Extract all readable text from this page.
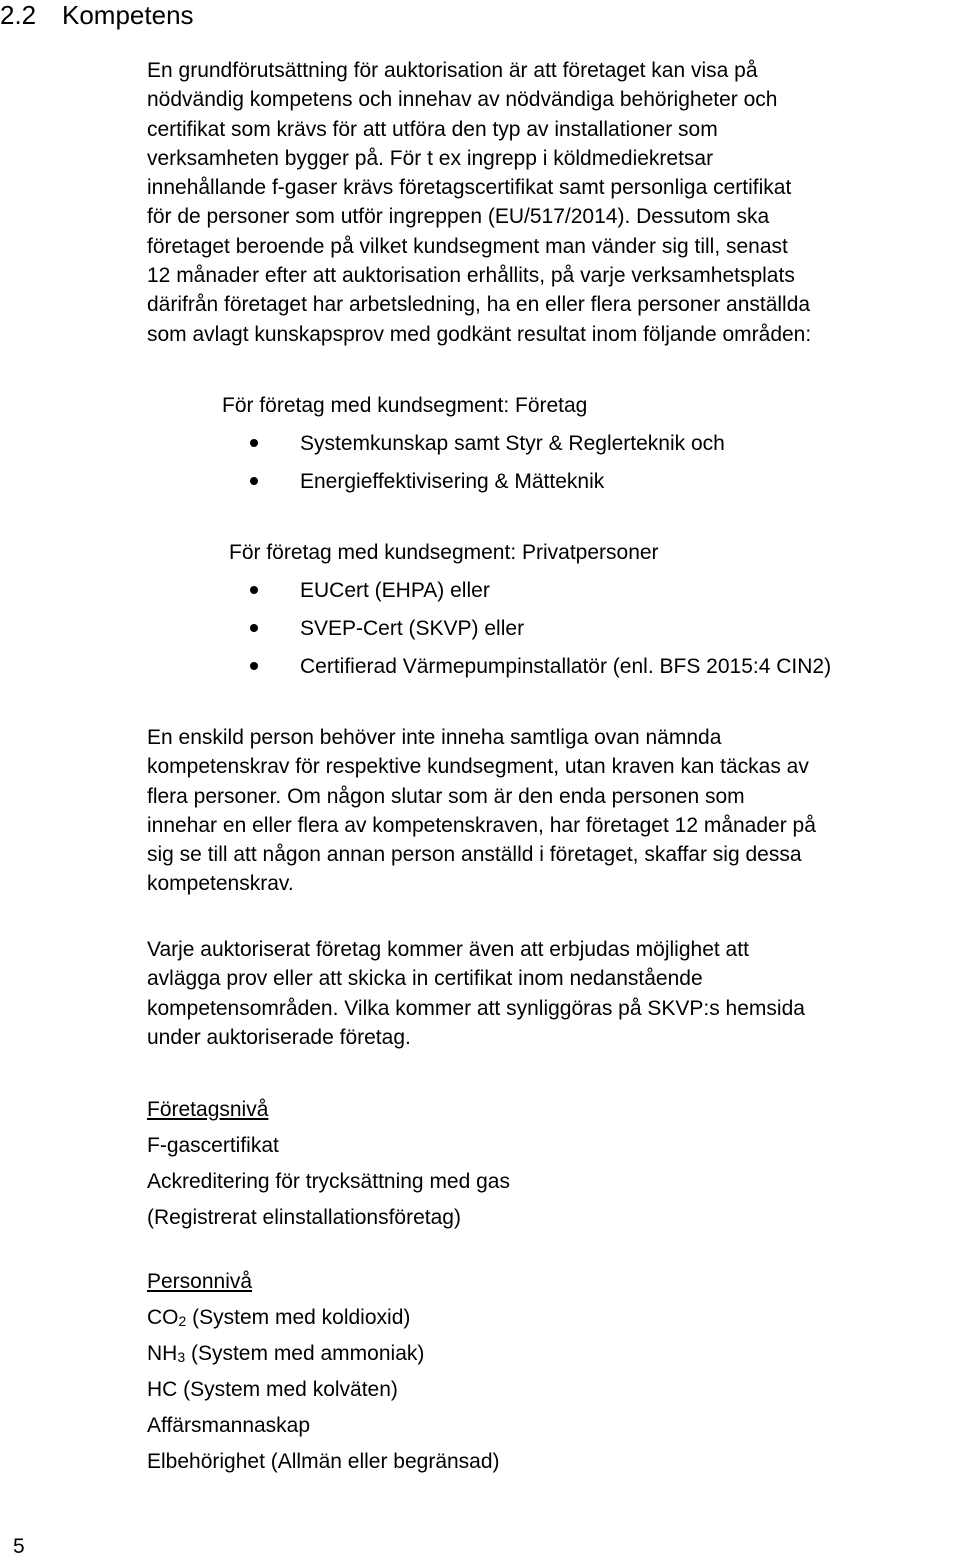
2.2 Kompetens

En grundförutsättning för auktorisation är att företaget kan visa på
nödvändig kompetens och innehav av nödvändiga behörigheter och
certifikat som krävs för att utföra den typ av installationer som
verksamheten bygger på. För t ex ingrepp i köldmediekretsar
innehållande f-gaser krävs företagscertifikat samt personliga certifikat
för de personer som utför ingreppen (EU/517/2014). Dessutom ska
företaget beroende på vilket kundsegment man vänder sig till, senast
12 månader efter att auktorisation erhållits, på varje verksamhetsplats
därifrån företaget har arbetsledning, ha en eller flera personer anställda
som avlagt kunskapsprov med godkänt resultat inom följande områden:

För företag med kundsegment: Företag

Systemkunskap samt Styr & Reglerteknik och
Energieffektivisering & Mätteknik

För företag med kundsegment: Privatpersoner

EUCert (EHPA) eller
SVEP-Cert (SKVP) eller
Certifierad Värmepumpinstallatör (enl. BFS 2015:4 CIN2)

En enskild person behöver inte inneha samtliga ovan nämnda
kompetenskrav för respektive kundsegment, utan kraven kan täckas av
flera personer. Om någon slutar som är den enda personen som
innehar en eller flera av kompetenskraven, har företaget 12 månader på
sig se till att någon annan person anställd i företaget, skaffar sig dessa
kompetenskrav.

Varje auktoriserat företag kommer även att erbjudas möjlighet att
avlägga prov eller att skicka in certifikat inom nedanstående
kompetensområden. Vilka kommer att synliggöras på SKVP:s hemsida
under auktoriserade företag.

Företagsnivå
F-gascertifikat
Ackreditering för trycksättning med gas
(Registrerat elinstallationsföretag)
Personnivå
$CO_2$ (System med koldioxid)
$NH_3$ (System med ammoniak)
HC (System med kolväten)
Affärsmannaskap
Elbehörighet (Allmän eller begränsad)
5
